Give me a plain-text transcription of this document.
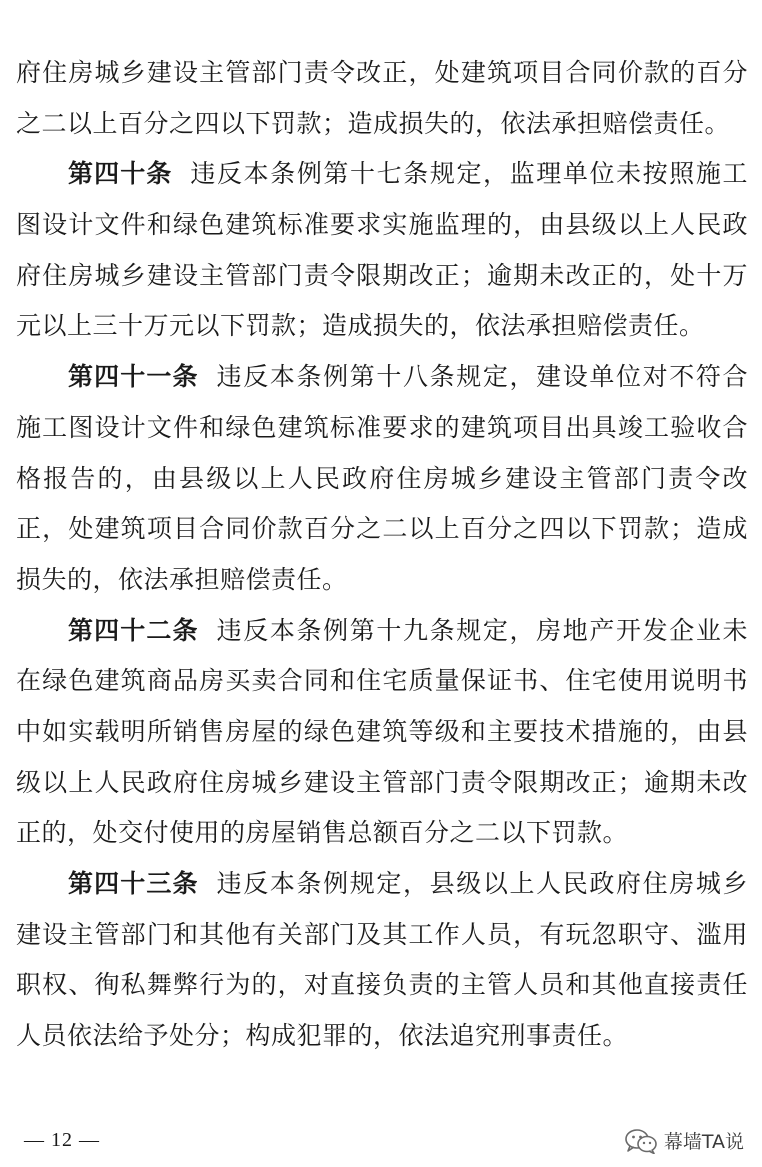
府住房城乡建设主管部门责令改正，处建筑项目合同价款的百分
之二以上百分之四以下罚款；造成损失的，依法承担赔偿责任。
第四十条 违反本条例第十七条规定，监理单位未按照施工
图设计文件和绿色建筑标准要求实施监理的，由县级以上人民政
府住房城乡建设主管部门责令限期改正；逾期未改正的，处十万
元以上三十万元以下罚款；造成损失的，依法承担赔偿责任。
第四十一条 违反本条例第十八条规定，建设单位对不符合
施工图设计文件和绿色建筑标准要求的建筑项目出具竣工验收合
格报告的，由县级以上人民政府住房城乡建设主管部门责令改
正，处建筑项目合同价款百分之二以上百分之四以下罚款；造成
损失的，依法承担赔偿责任。
第四十二条 违反本条例第十九条规定，房地产开发企业未
在绿色建筑商品房买卖合同和住宅质量保证书、住宅使用说明书
中如实载明所销售房屋的绿色建筑等级和主要技术措施的，由县
级以上人民政府住房城乡建设主管部门责令限期改正；逾期未改
正的，处交付使用的房屋销售总额百分之二以下罚款。
第四十三条 违反本条例规定，县级以上人民政府住房城乡
建设主管部门和其他有关部门及其工作人员，有玩忽职守、滥用
职权、徇私舞弊行为的，对直接负责的主管人员和其他直接责任
人员依法给予处分；构成犯罪的，依法追究刑事责任。
— 12 —	幕墙TA说
